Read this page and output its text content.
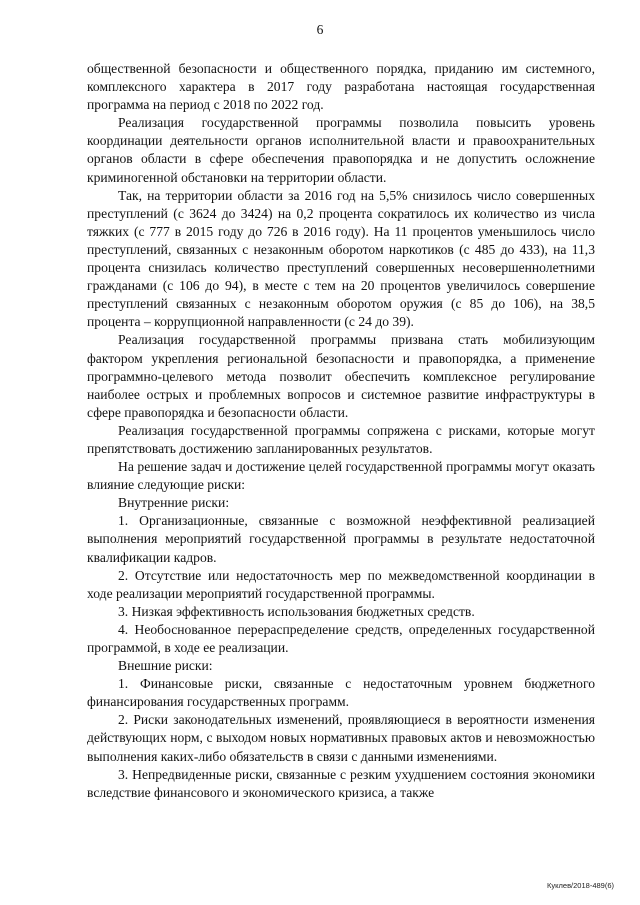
6

общественной безопасности и общественного порядка, приданию им системного, комплексного характера в 2017 году разработана настоящая государственная программа на период с 2018 по 2022 год.

Реализация государственной программы позволила повысить уровень координации деятельности органов исполнительной власти и правоохранительных органов области в сфере обеспечения правопорядка и не допустить осложнение криминогенной обстановки на территории области.

Так, на территории области за 2016 год на 5,5% снизилось число совершенных преступлений (с 3624 до 3424) на 0,2 процента сократилось их количество из числа тяжких (с 777 в 2015 году до 726 в 2016 году). На 11 процентов уменьшилось число преступлений, связанных с незаконным оборотом наркотиков (с 485 до 433), на 11,3 процента снизилась количество преступлений совершенных несовершеннолетними гражданами (с 106 до 94), в месте с тем на 20 процентов увеличилось совершение преступлений связанных с незаконным оборотом оружия (с 85 до 106), на 38,5 процента – коррупционной направленности (с 24 до 39).

Реализация государственной программы призвана стать мобилизующим фактором укрепления региональной безопасности и правопорядка, а применение программно-целевого метода позволит обеспечить комплексное регулирование наиболее острых и проблемных вопросов и системное развитие инфраструктуры в сфере правопорядка и безопасности области.

Реализация государственной программы сопряжена с рисками, которые могут препятствовать достижению запланированных результатов.

На решение задач и достижение целей государственной программы могут оказать влияние следующие риски:

Внутренние риски:

1. Организационные, связанные с возможной неэффективной реализацией выполнения мероприятий государственной программы в результате недостаточной квалификации кадров.

2. Отсутствие или недостаточность мер по межведомственной координации в ходе реализации мероприятий государственной программы.

3. Низкая эффективность использования бюджетных средств.

4. Необоснованное перераспределение средств, определенных государственной программой, в ходе ее реализации.

Внешние риски:

1. Финансовые риски, связанные с недостаточным уровнем бюджетного финансирования государственных программ.

2. Риски законодательных изменений, проявляющиеся в вероятности изменения действующих норм, с выходом новых нормативных правовых актов и невозможностью выполнения каких-либо обязательств в связи с данными изменениями.

3. Непредвиденные риски, связанные с резким ухудшением состояния экономики вследствие финансового и экономического кризиса, а также

Куклев/2018-489(6)
